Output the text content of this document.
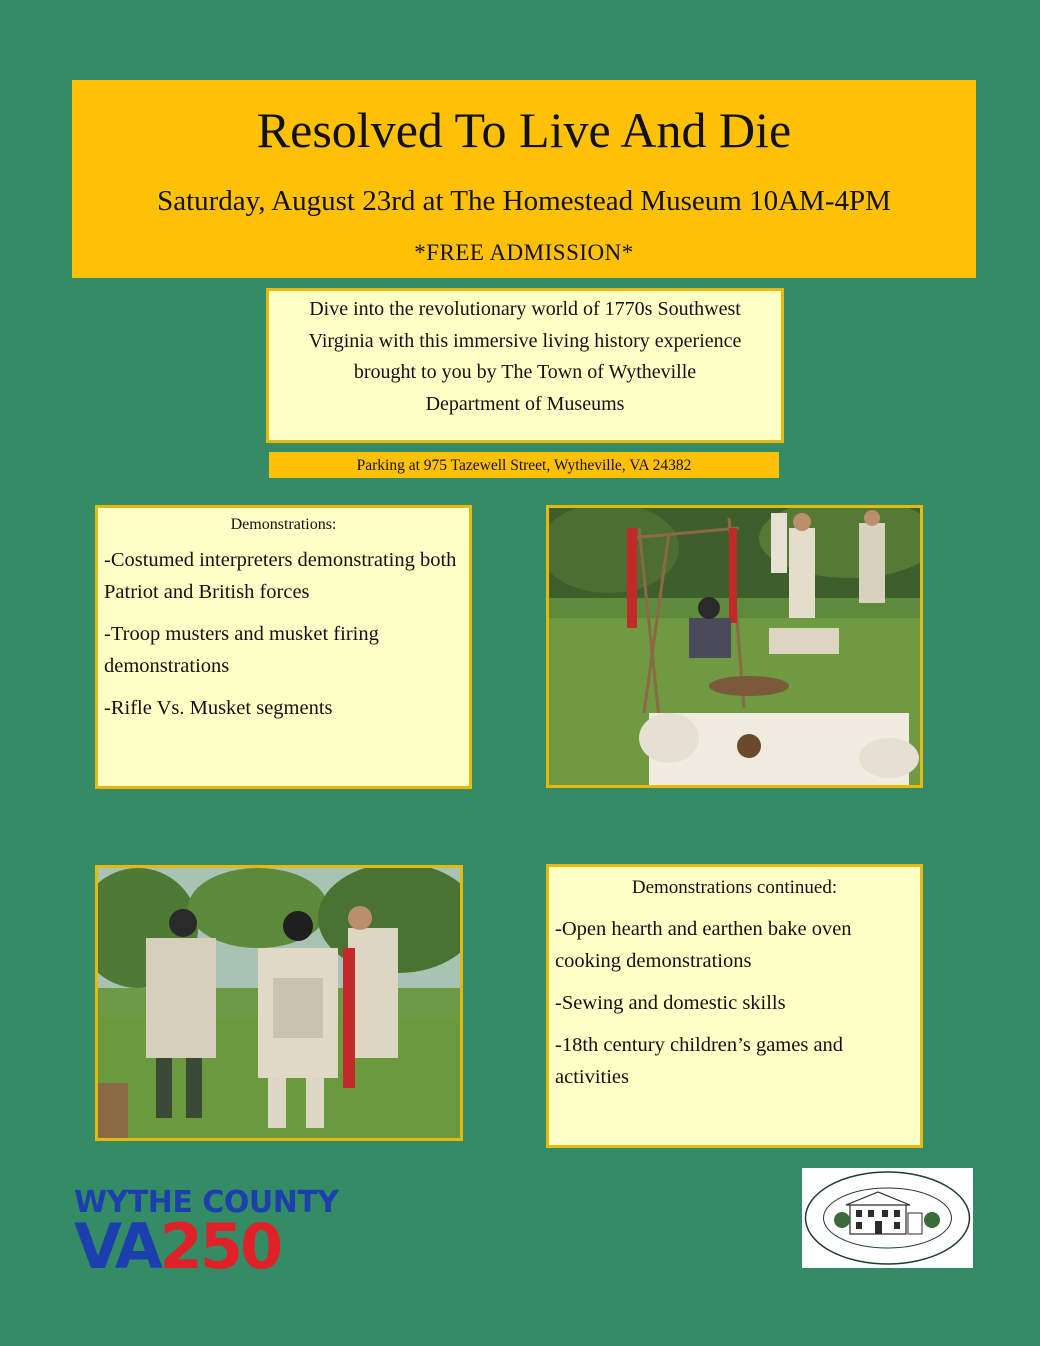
Resolved To Live And Die
Saturday, August 23rd at The Homestead Museum 10AM-4PM
*FREE ADMISSION*

Dive into the revolutionary world of 1770s Southwest

Virginia with this immersive living history experience

brought to you by The Town of Wytheville

Department of Museums

Parking at 975 Tazewell Street, Wytheville, VA 24382
Demonstrations:
-Costumed interpreters demonstrating both Patriot and British forces
-Troop musters and musket firing demonstrations
-Rifle Vs. Musket segments
Demonstrations continued:
-Open hearth and earthen bake oven cooking demonstrations
-Sewing and domestic skills
-18th century children’s games and activities
WYTHE COUNTY
VA250
